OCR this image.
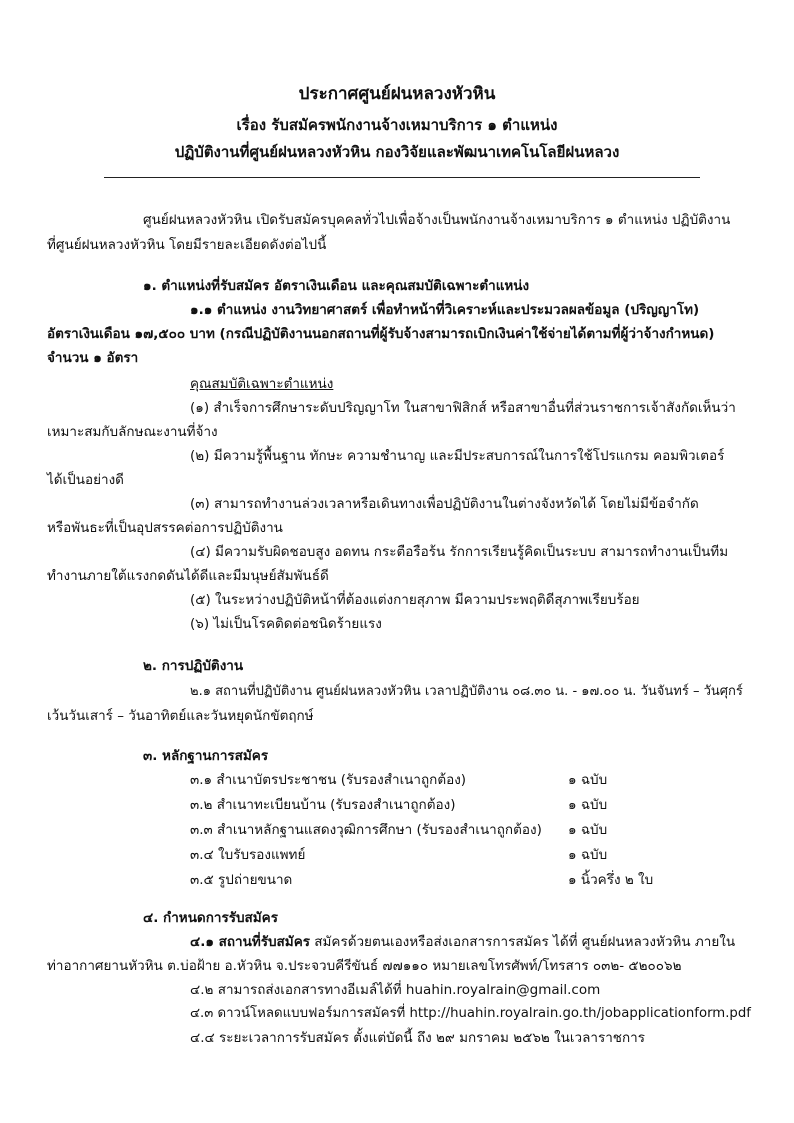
ประกาศศูนย์ฝนหลวงหัวหิน
เรื่อง รับสมัครพนักงานจ้างเหมาบริการ ๑ ตำแหน่ง
ปฏิบัติงานที่ศูนย์ฝนหลวงหัวหิน กองวิจัยและพัฒนาเทคโนโลยีฝนหลวง
ศูนย์ฝนหลวงหัวหิน เปิดรับสมัครบุคคลทั่วไปเพื่อจ้างเป็นพนักงานจ้างเหมาบริการ ๑ ตำแหน่ง ปฏิบัติงาน
ที่ศูนย์ฝนหลวงหัวหิน โดยมีรายละเอียดดังต่อไปนี้
๑. ตำแหน่งที่รับสมัคร อัตราเงินเดือน และคุณสมบัติเฉพาะตำแหน่ง
๑.๑ ตำแหน่ง งานวิทยาศาสตร์ เพื่อทำหน้าที่วิเคราะห์และประมวลผลข้อมูล (ปริญญาโท)
อัตราเงินเดือน ๑๗,๕๐๐ บาท (กรณีปฏิบัติงานนอกสถานที่ผู้รับจ้างสามารถเบิกเงินค่าใช้จ่ายได้ตามที่ผู้ว่าจ้างกำหนด)
จำนวน ๑ อัตรา
คุณสมบัติเฉพาะตำแหน่ง
(๑) สำเร็จการศึกษาระดับปริญญาโท ในสาขาฟิสิกส์ หรือสาขาอื่นที่ส่วนราชการเจ้าสังกัดเห็นว่า
เหมาะสมกับลักษณะงานที่จ้าง
(๒) มีความรู้พื้นฐาน ทักษะ ความชำนาญ และมีประสบการณ์ในการใช้โปรแกรม คอมพิวเตอร์
ได้เป็นอย่างดี
(๓) สามารถทำงานล่วงเวลาหรือเดินทางเพื่อปฏิบัติงานในต่างจังหวัดได้ โดยไม่มีข้อจำกัด
หรือพันธะที่เป็นอุปสรรคต่อการปฏิบัติงาน
(๔) มีความรับผิดชอบสูง อดทน กระตือรือร้น รักการเรียนรู้คิดเป็นระบบ สามารถทำงานเป็นทีม
ทำงานภายใต้แรงกดดันได้ดีและมีมนุษย์สัมพันธ์ดี
(๕) ในระหว่างปฏิบัติหน้าที่ต้องแต่งกายสุภาพ มีความประพฤติดีสุภาพเรียบร้อย
(๖) ไม่เป็นโรคติดต่อชนิดร้ายแรง
๒. การปฏิบัติงาน
๒.๑ สถานที่ปฏิบัติงาน ศูนย์ฝนหลวงหัวหิน เวลาปฏิบัติงาน ๐๘.๓๐ น. - ๑๗.๐๐ น. วันจันทร์ – วันศุกร์
เว้นวันเสาร์ – วันอาทิตย์และวันหยุดนักขัตฤกษ์
๓. หลักฐานการสมัคร
๓.๑ สำเนาบัตรประชาชน (รับรองสำเนาถูกต้อง)	๑ ฉบับ
๓.๒ สำเนาทะเบียนบ้าน (รับรองสำเนาถูกต้อง)	๑ ฉบับ
๓.๓ สำเนาหลักฐานแสดงวุฒิการศึกษา (รับรองสำเนาถูกต้อง) ๑ ฉบับ
๓.๔ ใบรับรองแพทย์	๑ ฉบับ
๓.๕ รูปถ่ายขนาด	๑ นิ้วครึ่ง ๒ ใบ
๔. กำหนดการรับสมัคร
๔.๑ สถานที่รับสมัคร สมัครด้วยตนเองหรือส่งเอกสารการสมัคร ได้ที่ ศูนย์ฝนหลวงหัวหิน ภายใน
ท่าอากาศยานหัวหิน ต.บ่อฝ้าย อ.หัวหิน จ.ประจวบคีรีขันธ์ ๗๗๑๑๐ หมายเลขโทรศัพท์/โทรสาร ๐๓๒- ๕๒๐๐๖๒
๔.๒ สามารถส่งเอกสารทางอีเมล์ได้ที่ huahin.royalrain@gmail.com
๔.๓ ดาวน์โหลดแบบฟอร์มการสมัครที่ http://huahin.royalrain.go.th/jobapplicationform.pdf
๔.๔ ระยะเวลาการรับสมัคร ตั้งแต่บัดนี้ ถึง ๒๙ มกราคม ๒๕๖๒ ในเวลาราชการ
